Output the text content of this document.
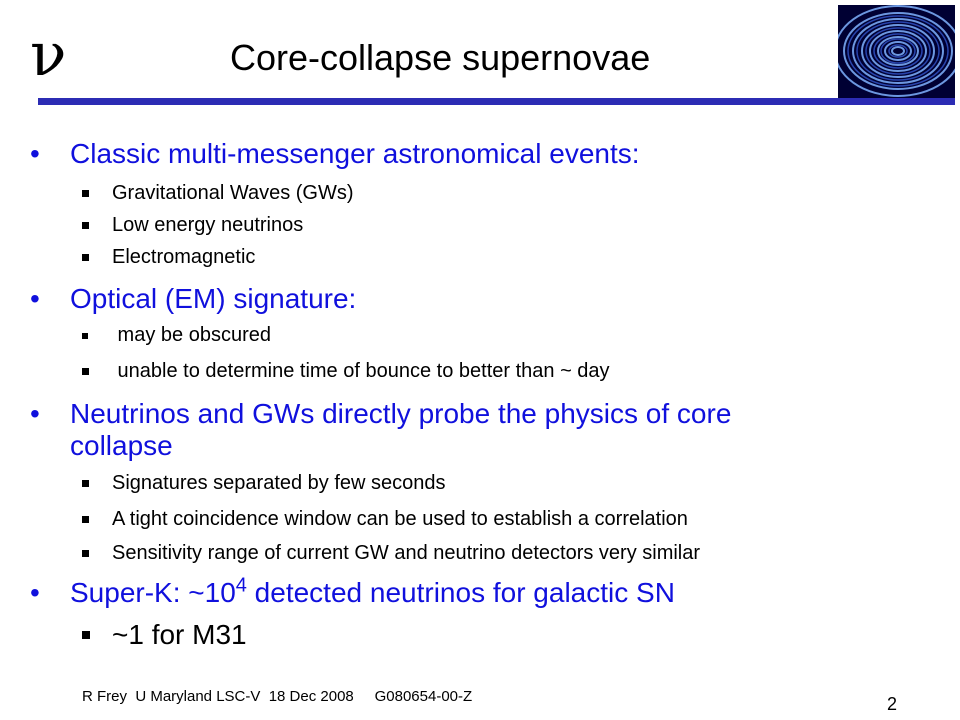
ν	Core-collapse supernovae
• Classic multi-messenger astronomical events:
Gravitational Waves (GWs)
Low energy neutrinos
Electromagnetic
• Optical (EM) signature:
may be obscured
unable to determine time of bounce to better than ~ day
• Neutrinos and GWs directly probe the physics of core
collapse
Signatures separated by few seconds
A tight coincidence window can be used to establish a correlation
Sensitivity range of current GW and neutrino detectors very similar
• Super-K: $\sim 10^4$ detected neutrinos for galactic SN
~1 for M31
R Frey  U Maryland LSC-V  18 Dec 2008     G080654-00-Z	2
